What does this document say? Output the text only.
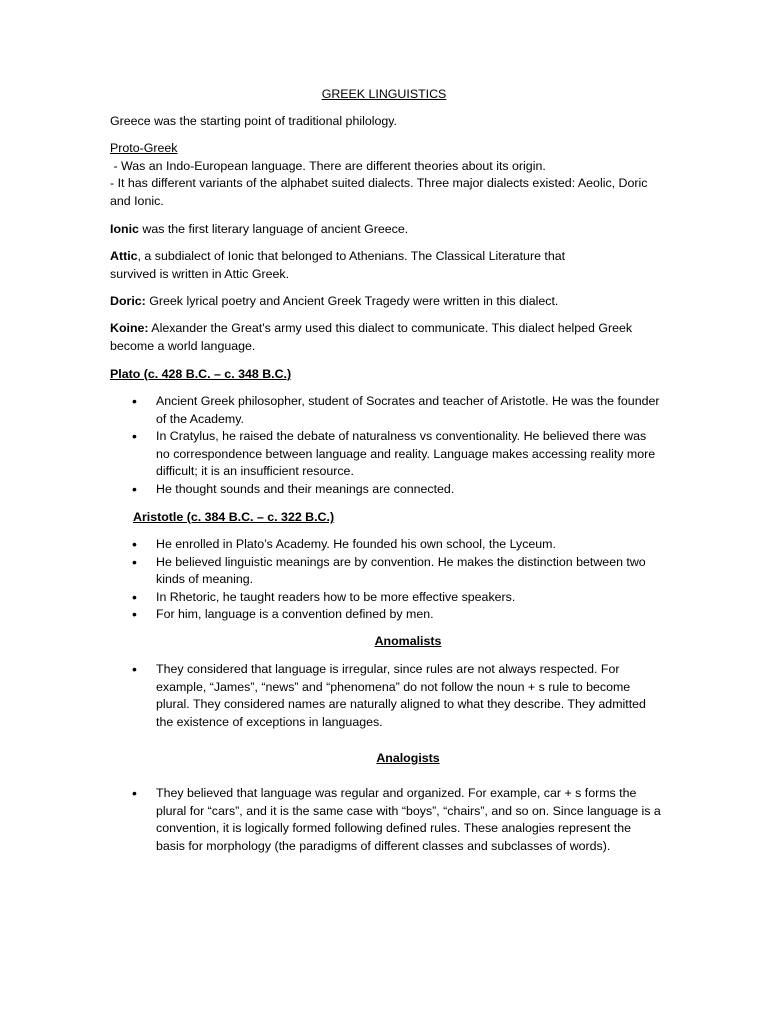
GREEK LINGUISTICS

Greece was the starting point of traditional philology.

Proto-Greek
- Was an Indo-European language. There are different theories about its origin.
- It has different variants of the alphabet suited dialects. Three major dialects existed: Aeolic, Doric and Ionic.

Ionic was the first literary language of ancient Greece.

Attic, a subdialect of Ionic that belonged to Athenians. The Classical Literature that survived is written in Attic Greek.

Doric: Greek lyrical poetry and Ancient Greek Tragedy were written in this dialect.

Koine: Alexander the Great's army used this dialect to communicate. This dialect helped Greek become a world language.

Plato (c. 428 B.C. – c. 348 B.C.)

• Ancient Greek philosopher, student of Socrates and teacher of Aristotle. He was the founder of the Academy.
• In Cratylus, he raised the debate of naturalness vs conventionality. He believed there was no correspondence between language and reality. Language makes accessing reality more difficult; it is an insufficient resource.
• He thought sounds and their meanings are connected.

Aristotle (c. 384 B.C. – c. 322 B.C.)

• He enrolled in Plato’s Academy. He founded his own school, the Lyceum.
• He believed linguistic meanings are by convention. He makes the distinction between two kinds of meaning.
• In Rhetoric, he taught readers how to be more effective speakers.
• For him, language is a convention defined by men.

Anomalists

• They considered that language is irregular, since rules are not always respected. For example, “James”, “news” and “phenomena” do not follow the noun + s rule to become plural. They considered names are naturally aligned to what they describe. They admitted the existence of exceptions in languages.

Analogists

• They believed that language was regular and organized. For example, car + s forms the plural for “cars”, and it is the same case with “boys”, “chairs”, and so on. Since language is a convention, it is logically formed following defined rules. These analogies represent the basis for morphology (the paradigms of different classes and subclasses of words).
